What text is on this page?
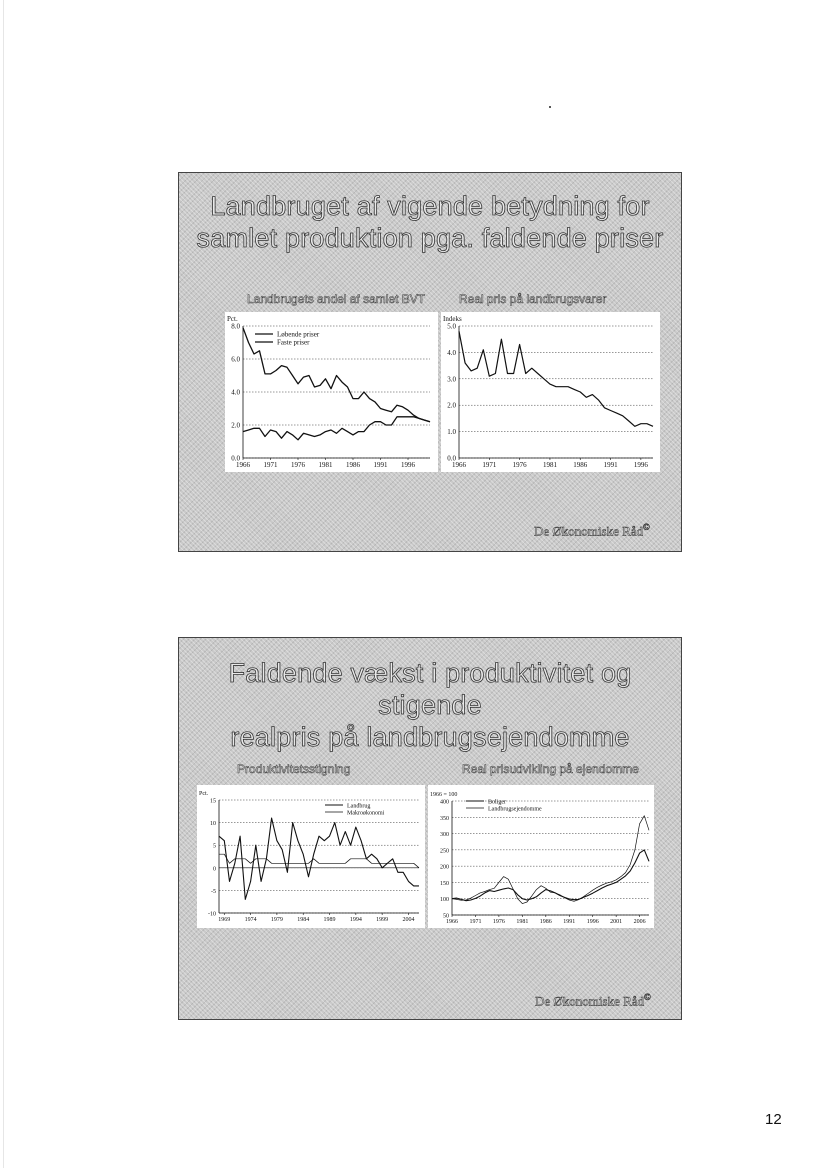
Landbruget af vigende betydning for
samlet produktion pga. faldende priser
Landbrugets andel af samlet BVT	Real pris på landbrugsvarer
Pct.
0.0
2.0
4.0
6.0
8.0
1966 1971 1976 1981 1986 1991 1996
Løbende priser
Faste priser
Indeks
0.0
1.0
2.0
3.0
4.0
5.0
1966 1971 1976 1981 1986 1991 1996
De Økonomiske Råd©
Faldende vækst i produktivitet og stigende
realpris på landbrugsejendomme
Produktivitetsstigning	Real prisudvikling på ejendomme
Pct.
-10
-5
0
5
10
15
1969 1974 1979 1984 1989 1994 1999 2004
Landbrug
Makroøkonomi
1966 = 100
50
100
150
200
250
300
350
400
1966 1971 1976 1981 1986 1991 1996 2001 2006
Boliger
Landbrugsejendomme
De Økonomiske Råd©
12
